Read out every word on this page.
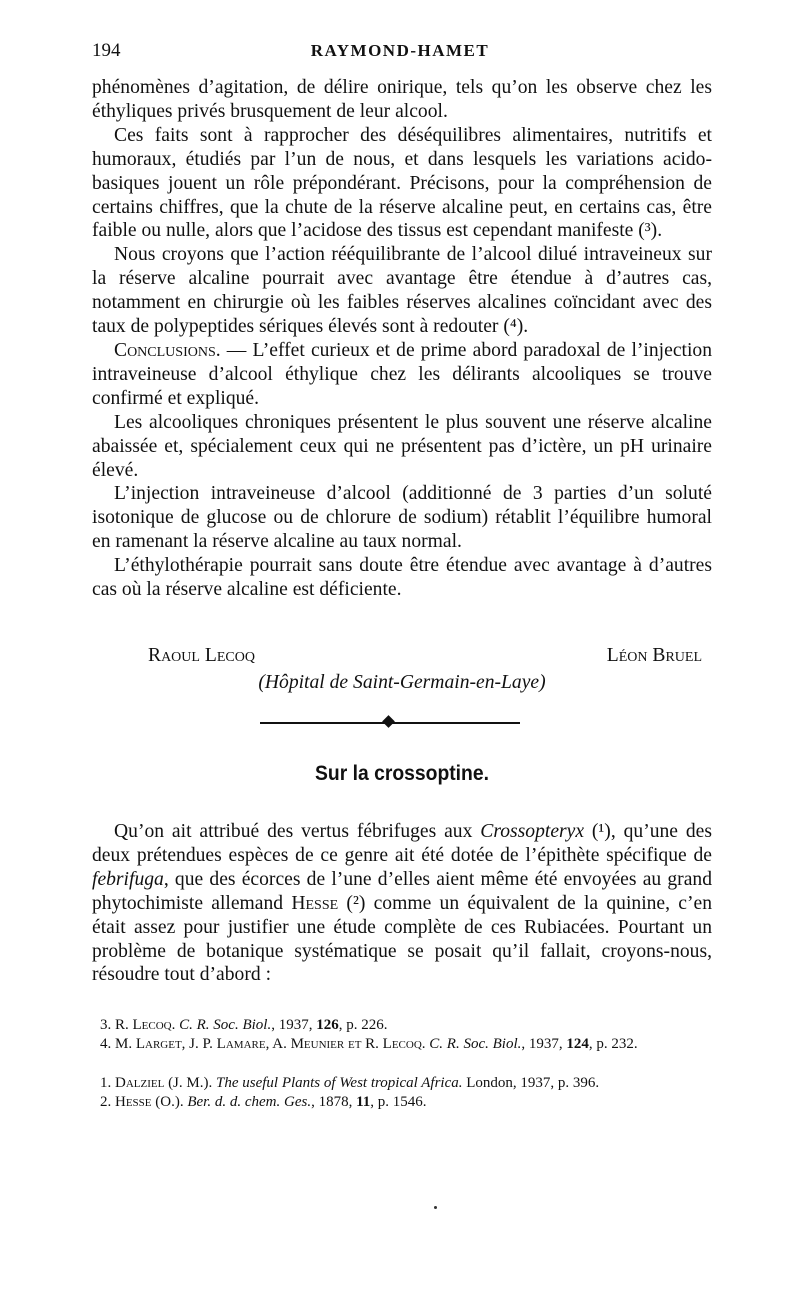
194	RAYMOND-HAMET

phénomènes d’agitation, de délire onirique, tels qu’on les observe chez les éthyliques privés brusquement de leur alcool.

Ces faits sont à rapprocher des déséquilibres alimentaires, nutritifs et humoraux, étudiés par l’un de nous, et dans lesquels les variations acido-basiques jouent un rôle prépondérant. Précisons, pour la compréhension de certains chiffres, que la chute de la réserve alcaline peut, en certains cas, être faible ou nulle, alors que l’acidose des tissus est cependant manifeste (³).

Nous croyons que l’action rééquilibrante de l’alcool dilué intraveineux sur la réserve alcaline pourrait avec avantage être étendue à d’autres cas, notamment en chirurgie où les faibles réserves alcalines coïncidant avec des taux de polypeptides sériques élevés sont à redouter (⁴).

Conclusions. — L’effet curieux et de prime abord paradoxal de l’injection intraveineuse d’alcool éthylique chez les délirants alcooliques se trouve confirmé et expliqué.

Les alcooliques chroniques présentent le plus souvent une réserve alcaline abaissée et, spécialement ceux qui ne présentent pas d’ictère, un pH urinaire élevé.

L’injection intraveineuse d’alcool (additionné de 3 parties d’un soluté isotonique de glucose ou de chlorure de sodium) rétablit l’équilibre humoral en ramenant la réserve alcaline au taux normal.

L’éthylothérapie pourrait sans doute être étendue avec avantage à d’autres cas où la réserve alcaline est déficiente.

Raoul Lecoq	Léon Bruel
(Hôpital de Saint-Germain-en-Laye)
Sur la crossoptine.

Qu’on ait attribué des vertus fébrifuges aux Crossopteryx (¹), qu’une des deux prétendues espèces de ce genre ait été dotée de l’épithète spécifique de febrifuga, que des écorces de l’une d’elles aient même été envoyées au grand phytochimiste allemand Hesse (²) comme un équivalent de la quinine, c’en était assez pour justifier une étude complète de ces Rubiacées. Pourtant un problème de botanique systématique se posait qu’il fallait, croyons-nous, résoudre tout d’abord :

3. R. Lecoq. C. R. Soc. Biol., 1937, 126, p. 226.

4. M. Larget, J. P. Lamare, A. Meunier et R. Lecoq. C. R. Soc. Biol., 1937, 124, p. 232.

1. Dalziel (J. M.). The useful Plants of West tropical Africa. London, 1937, p. 396.

2. Hesse (O.). Ber. d. d. chem. Ges., 1878, 11, p. 1546.
